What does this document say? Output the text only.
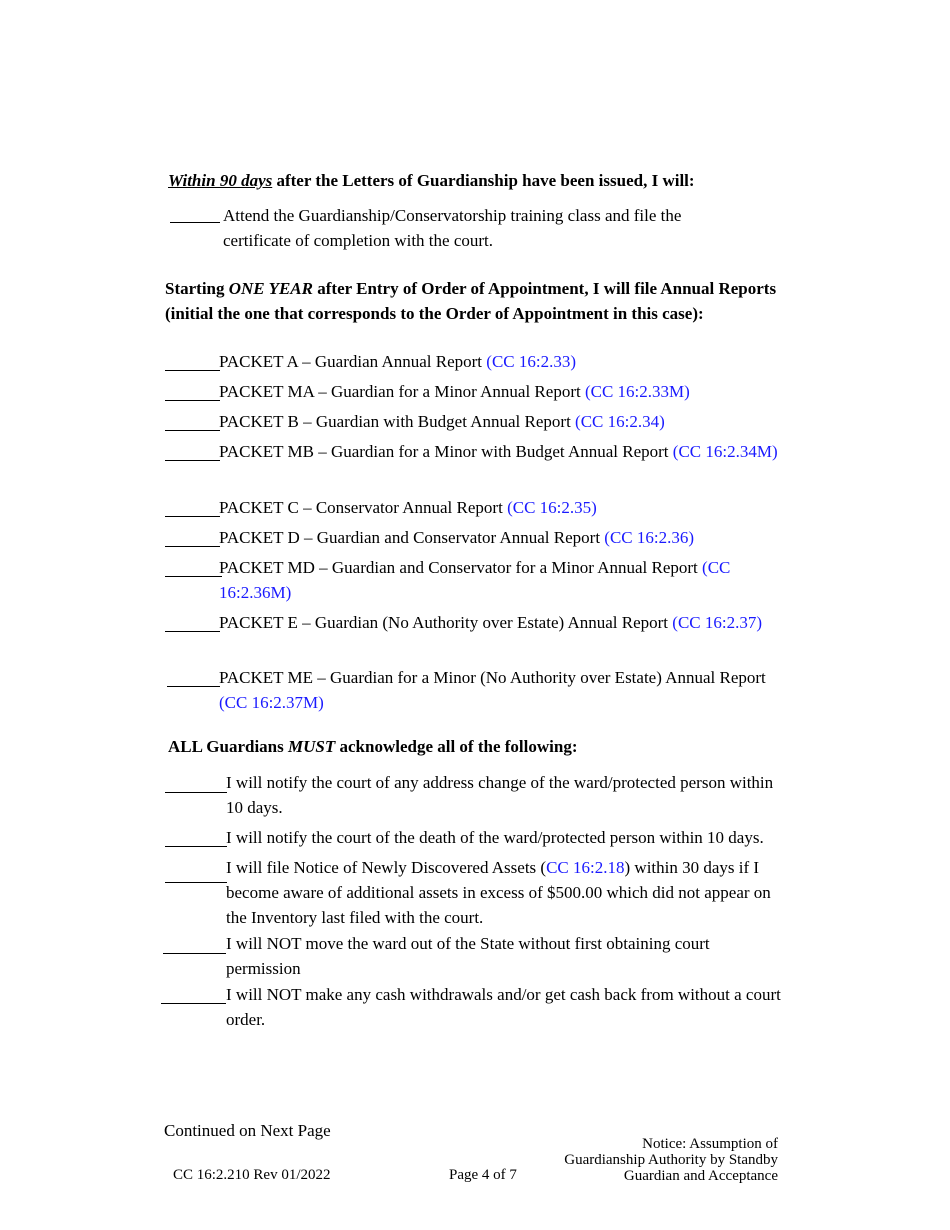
Within 90 days after the Letters of Guardianship have been issued, I will:
Attend the Guardianship/Conservatorship training class and file the certificate of completion with the court.
Starting ONE YEAR after Entry of Order of Appointment, I will file Annual Reports (initial the one that corresponds to the Order of Appointment in this case):
PACKET A – Guardian Annual Report (CC 16:2.33)
PACKET MA – Guardian for a Minor Annual Report (CC 16:2.33M)
PACKET B – Guardian with Budget Annual Report (CC 16:2.34)
PACKET MB – Guardian for a Minor with Budget Annual Report (CC 16:2.34M)
PACKET C – Conservator Annual Report (CC 16:2.35)
PACKET D – Guardian and Conservator Annual Report (CC 16:2.36)
PACKET MD – Guardian and Conservator for a Minor Annual Report (CC 16:2.36M)
PACKET E – Guardian (No Authority over Estate) Annual Report (CC 16:2.37)
PACKET ME – Guardian for a Minor (No Authority over Estate) Annual Report (CC 16:2.37M)
ALL Guardians MUST acknowledge all of the following:
I will notify the court of any address change of the ward/protected person within 10 days.
I will notify the court of the death of the ward/protected person within 10 days.
I will file Notice of Newly Discovered Assets (CC 16:2.18) within 30 days if I become aware of additional assets in excess of $500.00 which did not appear on the Inventory last filed with the court.
I will NOT move the ward out of the State without first obtaining court permission
I will NOT make any cash withdrawals and/or get cash back from without a court order.
Continued on Next Page
CC 16:2.210 Rev 01/2022	Page 4 of 7
Notice: Assumption of
Guardianship Authority by Standby
Guardian and Acceptance
